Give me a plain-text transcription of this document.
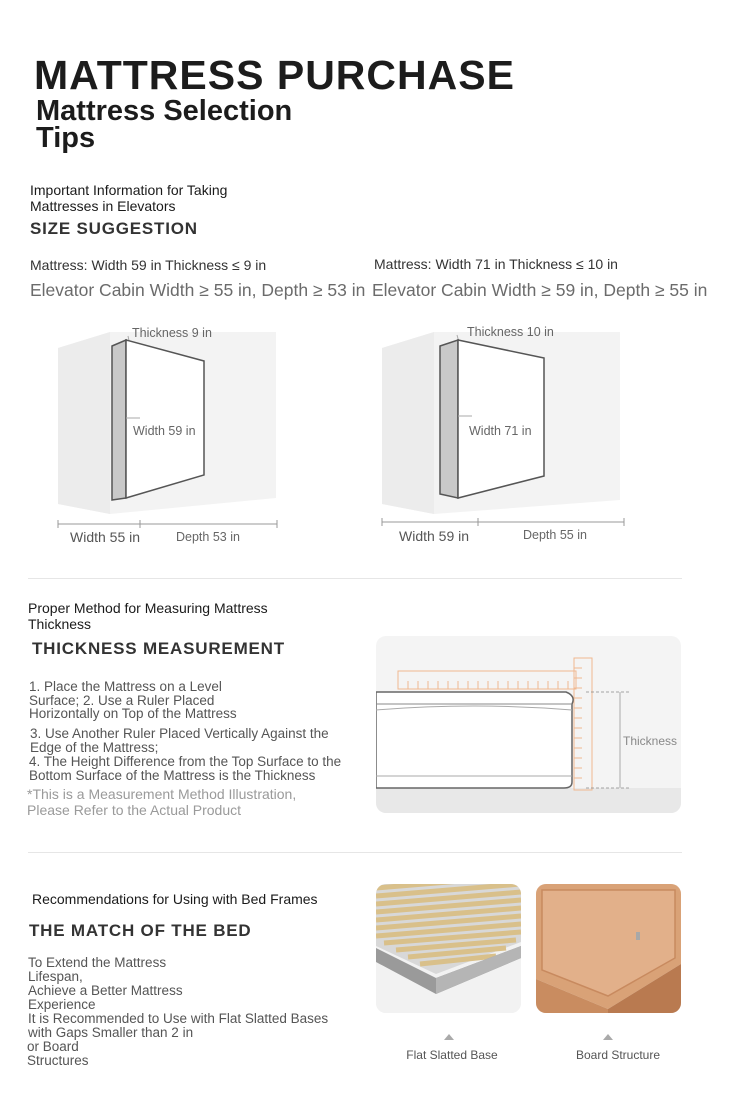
MATTRESS PURCHASE
Mattress Selection Tips
Important Information for Taking Mattresses in Elevators
SIZE SUGGESTION
Mattress: Width 59 in Thickness ≤ 9 in
Elevator Cabin Width ≥ 55 in, Depth ≥ 53 in
Mattress: Width 71 in Thickness ≤ 10 in
Elevator Cabin Width ≥ 59 in, Depth ≥ 55 in
Thickness 9 in
Width 59 in
Width 55 in	Depth 53 in
Thickness 10 in
Width 71 in
Width 59 in	Depth 55 in
Proper Method for Measuring Mattress Thickness
THICKNESS MEASUREMENT
1. Place the Mattress on a Level Surface; 2. Use a Ruler Placed Horizontally on Top of the Mattress
3. Use Another Ruler Placed Vertically Against the Edge of the Mattress;
4. The Height Difference from the Top Surface to the Bottom Surface of the Mattress is the Thickness
*This is a Measurement Method Illustration, Please Refer to the Actual Product
Thickness
Recommendations for Using with Bed Frames
THE MATCH OF THE BED
To Extend the Mattress Lifespan,
Achieve a Better Mattress Experience
It is Recommended to Use with Flat Slatted Bases with Gaps Smaller than 2 in
or Board Structures	Flat Slatted Base	Board Structure
